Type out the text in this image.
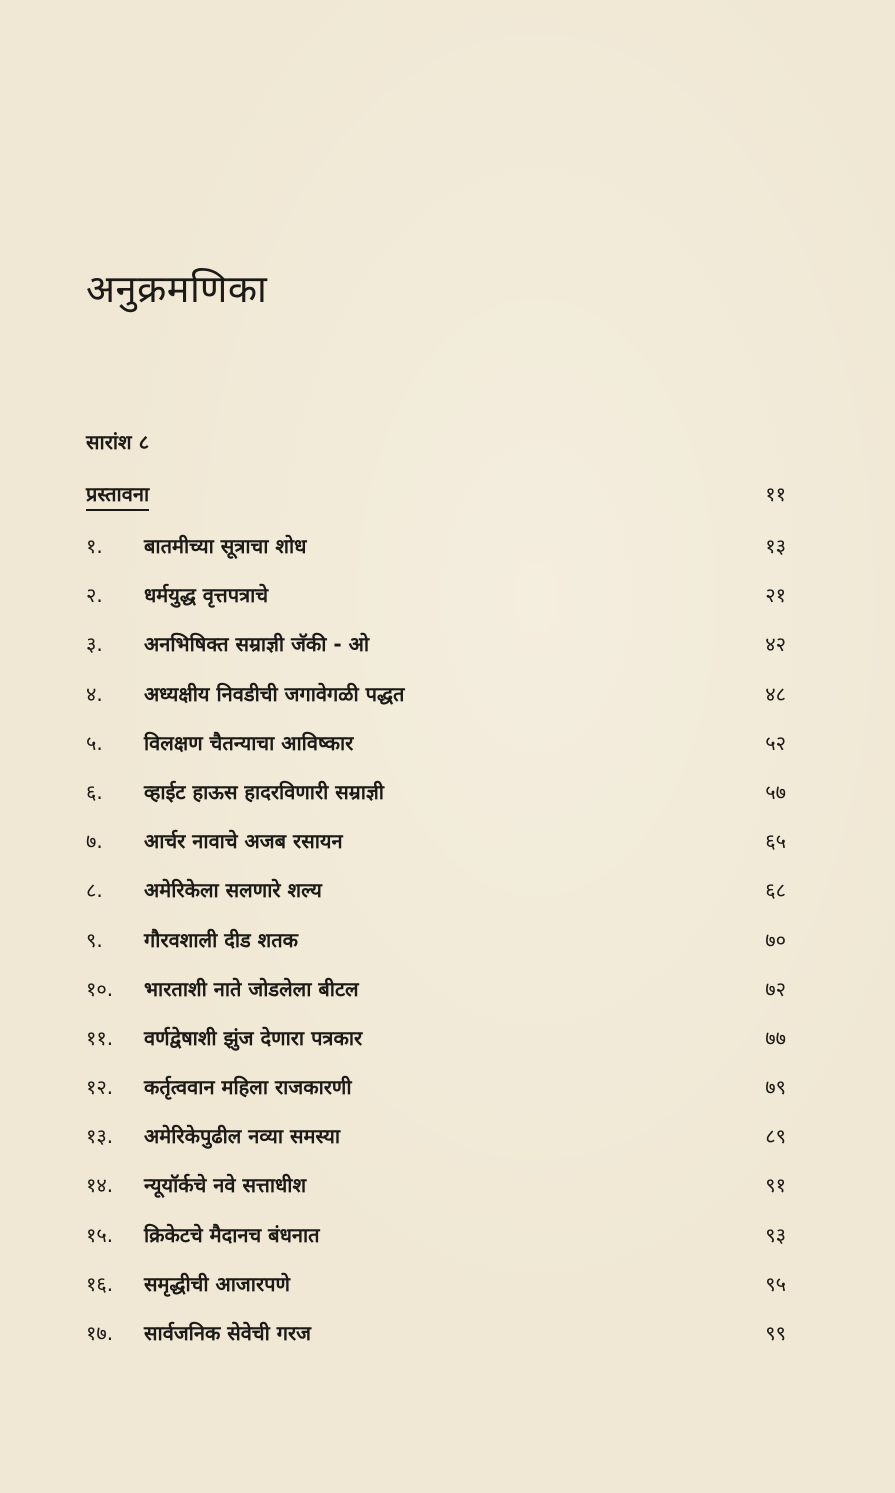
अनुक्रमणिका
सारांश ८
प्रस्तावना	११
१. बातमीच्या सूत्राचा शोध	१३
२. धर्मयुद्ध वृत्तपत्राचे	२१
३. अनभिषिक्त सम्राज्ञी जॅकी - ओ	४२
४. अध्यक्षीय निवडीची जगावेगळी पद्धत	४८
५. विलक्षण चैतन्याचा आविष्कार	५२
६. व्हाईट हाऊस हादरविणारी सम्राज्ञी	५७
७. आर्चर नावाचे अजब रसायन	६५
८. अमेरिकेला सलणारे शल्य	६८
९. गौरवशाली दीड शतक	७०
१०. भारताशी नाते जोडलेला बीटल	७२
११. वर्णद्वेषाशी झुंज देणारा पत्रकार	७७
१२. कर्तृत्ववान महिला राजकारणी	७९
१३. अमेरिकेपुढील नव्या समस्या	८९
१४. न्यूयॉर्कचे नवे सत्ताधीश	९१
१५. क्रिकेटचे मैदानच बंधनात	९३
१६. समृद्धीची आजारपणे	९५
१७. सार्वजनिक सेवेची गरज	९९
